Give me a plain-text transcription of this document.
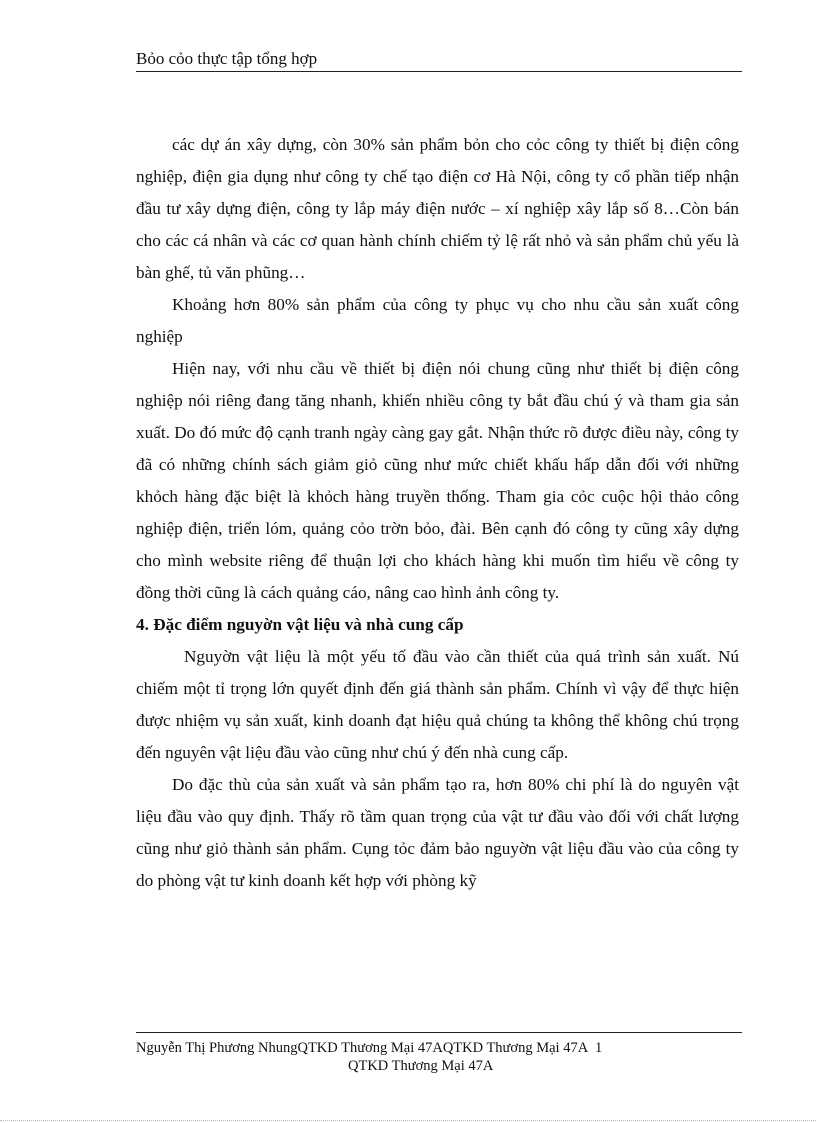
Bỏo cỏo thực tập tổng hợp

các dự án xây dựng, còn 30% sản phẩm bỏn cho cỏc công ty thiết bị điện công nghiệp, điện gia dụng như công ty chế tạo điện cơ Hà Nội, công ty cổ phần tiếp nhận đầu tư xây dựng điện, công ty lắp máy điện nước – xí nghiệp xây lắp số 8…Còn bán cho các cá nhân và các cơ quan hành chính chiếm tỷ lệ rất nhỏ và sản phẩm chủ yếu là bàn ghế, tủ văn phũng…

Khoảng hơn 80% sản phẩm của công ty phục vụ cho nhu cầu sản xuất công nghiệp

Hiện nay, với nhu cầu về thiết bị điện nói chung cũng như thiết bị điện công nghiệp nói riêng đang tăng nhanh, khiến nhiều công ty bắt đầu chú ý và tham gia sản xuất. Do đó mức độ cạnh tranh ngày càng gay gắt. Nhận thức rõ được điều này, công ty đã có những chính sách giảm giỏ cũng như mức chiết khấu hấp dẫn đối với những khỏch hàng đặc biệt là khỏch hàng truyền thống. Tham gia cỏc cuộc hội thảo công nghiệp điện, triển lóm, quảng cỏo trờn bỏo, đài. Bên cạnh đó công ty cũng xây dựng cho mình website riêng để thuận lợi cho khách hàng khi muốn tìm hiểu về công ty đồng thời cũng là cách quảng cáo, nâng cao hình ảnh công ty.

4. Đặc điểm nguyờn vật liệu và nhà cung cấp

Nguyờn vật liệu là một yếu tố đầu vào cần thiết của quá trình sản xuất. Nú chiếm một tỉ trọng lớn quyết định đến giá thành sản phẩm. Chính vì vậy để thực hiện được nhiệm vụ sản xuất, kinh doanh đạt hiệu quả chúng ta không thể không chú trọng đến nguyên vật liệu đầu vào cũng như chú ý đến nhà cung cấp.

Do đặc thù của sản xuất và sản phẩm tạo ra, hơn 80% chi phí là do nguyên vật liệu đầu vào quy định. Thấy rõ tầm quan trọng của vật tư đầu vào đối với chất lượng cũng như giỏ thành sản phẩm. Cụng tỏc đảm bảo nguyờn vật liệu đầu vào của công ty do phòng vật tư kinh doanh kết hợp với phòng kỹ

Nguyễn Thị Phương NhungQTKD Thương Mại 47AQTKD Thương Mại 47A 1
QTKD Thương Mại 47A
